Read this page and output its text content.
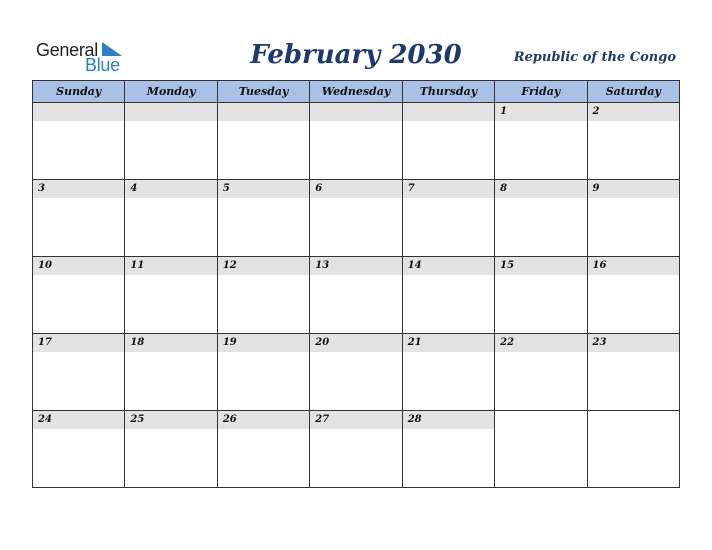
General
Blue	February 2030	Republic of the Congo
Sunday	Monday	Tuesday	Wednesday	Thursday	Friday	Saturday

					1	2

3	4	5	6	7	8	9

10	11	12	13	14	15	16

17	18	19	20	21	22	23

24	25	26	27	28		
